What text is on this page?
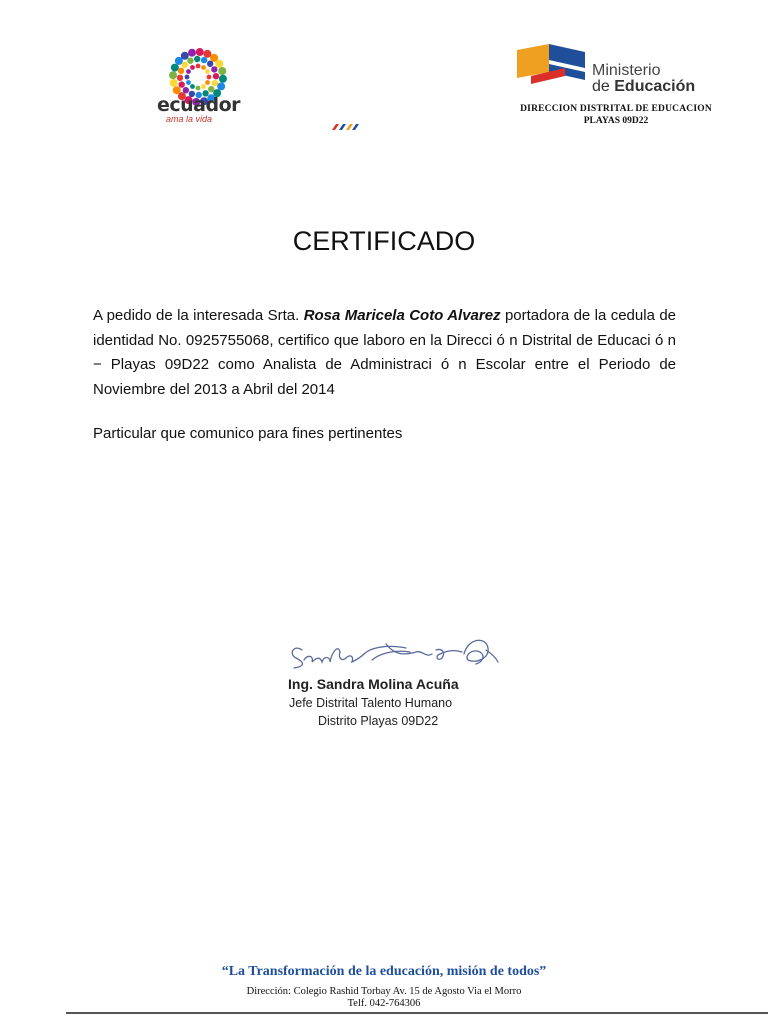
ecuador
ama la vida
Ministerio
de Educación
DIRECCION DISTRITAL DE EDUCACION
PLAYAS 09D22
CERTIFICADO
A pedido de la interesada Srta. Rosa Maricela Coto Alvarez portadora de la cedula de identidad No. 0925755068, certifico que laboro en la Direcci ó n Distrital de Educaci ó n − Playas 09D22 como Analista de Administraci ó n Escolar entre el Periodo de Noviembre del 2013 a Abril del 2014
Particular que comunico para fines pertinentes
Ing. Sandra Molina Acuña
Jefe Distrital Talento Humano
Distrito Playas 09D22
“La Transformación de la educación, misión de todos”
Dirección: Colegio Rashid Torbay Av. 15 de Agosto Via el Morro
Telf. 042-764306
